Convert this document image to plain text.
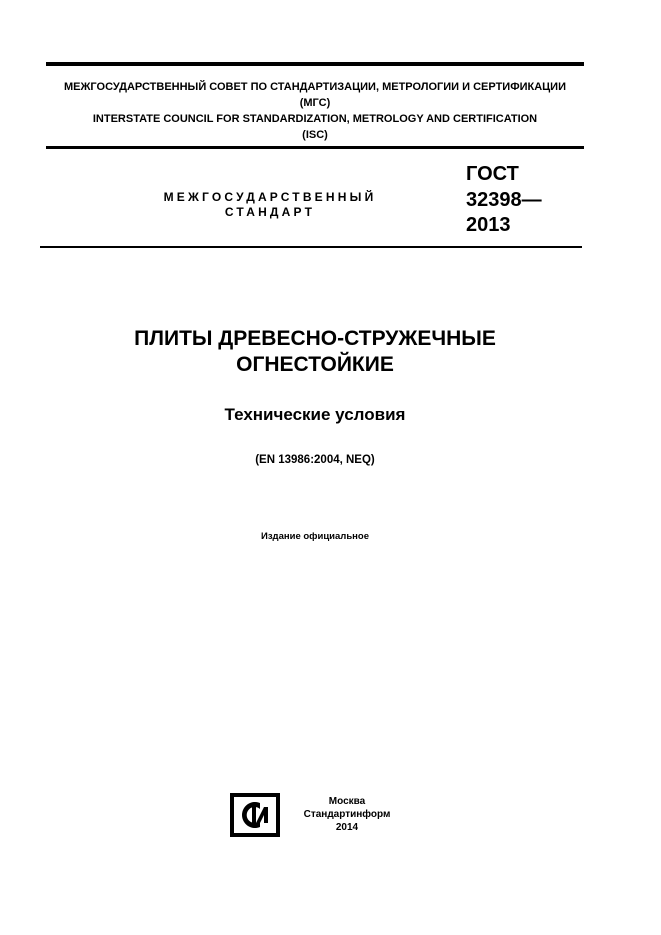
МЕЖГОСУДАРСТВЕННЫЙ СОВЕТ ПО СТАНДАРТИЗАЦИИ, МЕТРОЛОГИИ И СЕРТИФИКАЦИИ
(МГС)
INTERSTATE COUNCIL FOR STANDARDIZATION, METROLOGY AND CERTIFICATION
(ISC)
МЕЖГОСУДАРСТВЕННЫЙ
СТАНДАРТ
ГОСТ
32398—
2013
ПЛИТЫ ДРЕВЕСНО-СТРУЖЕЧНЫЕ
ОГНЕСТОЙКИЕ
Технические условия
(EN 13986:2004, NEQ)
Издание официальное
Москва
Стандартинформ
2014
